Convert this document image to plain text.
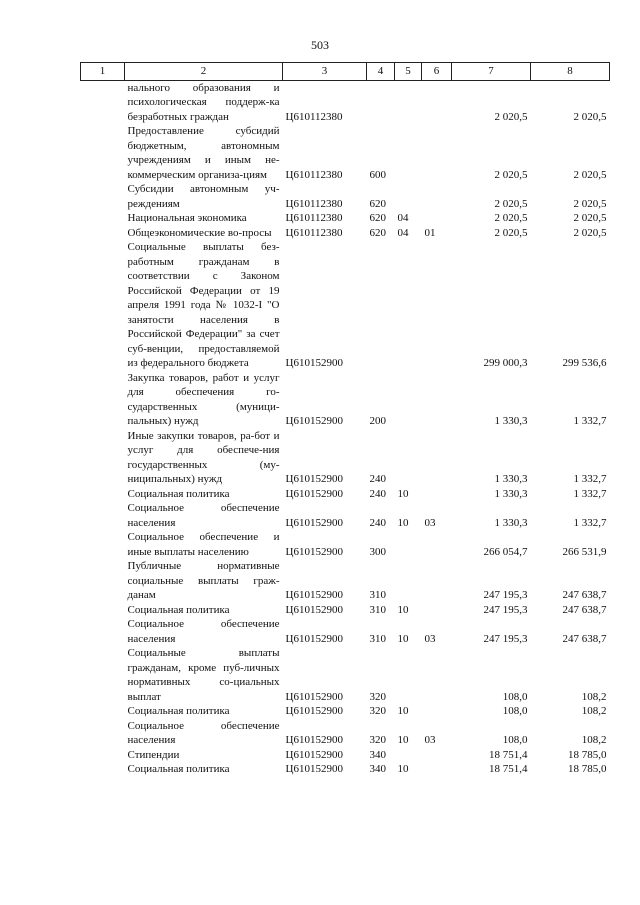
503
1	2	3	4	5	6	7	8
	нального образования и психологическая поддерж-ка безработных граждан	Ц610112380				2 020,5	2 020,5
	Предоставление субсидий бюджетным, автономным учреждениям и иным не-коммерческим организа-циям	Ц610112380	600			2 020,5	2 020,5
	Субсидии автономным уч-реждениям	Ц610112380	620			2 020,5	2 020,5
	Национальная экономика	Ц610112380	620	04		2 020,5	2 020,5
	Общеэкономические во-просы	Ц610112380	620	04	01	2 020,5	2 020,5
	Социальные выплаты без-работным гражданам в соответствии с Законом Российской Федерации от 19 апреля 1991 года № 1032-I "О занятости населения в Российской Федерации" за счет суб-венции, предоставляемой из федерального бюджета	Ц610152900				299 000,3	299 536,6
	Закупка товаров, работ и услуг для обеспечения го-сударственных (муници-пальных) нужд	Ц610152900	200			1 330,3	1 332,7
	Иные закупки товаров, ра-бот и услуг для обеспече-ния государственных (му-ниципальных) нужд	Ц610152900	240			1 330,3	1 332,7
	Социальная политика	Ц610152900	240	10		1 330,3	1 332,7
	Социальное обеспечение населения	Ц610152900	240	10	03	1 330,3	1 332,7
	Социальное обеспечение и иные выплаты населению	Ц610152900	300			266 054,7	266 531,9
	Публичные нормативные социальные выплаты граж-данам	Ц610152900	310			247 195,3	247 638,7
	Социальная политика	Ц610152900	310	10		247 195,3	247 638,7
	Социальное обеспечение населения	Ц610152900	310	10	03	247 195,3	247 638,7
	Социальные выплаты гражданам, кроме пуб-личных нормативных со-циальных выплат	Ц610152900	320			108,0	108,2
	Социальная политика	Ц610152900	320	10		108,0	108,2
	Социальное обеспечение населения	Ц610152900	320	10	03	108,0	108,2
	Стипендии	Ц610152900	340			18 751,4	18 785,0
	Социальная политика	Ц610152900	340	10		18 751,4	18 785,0
